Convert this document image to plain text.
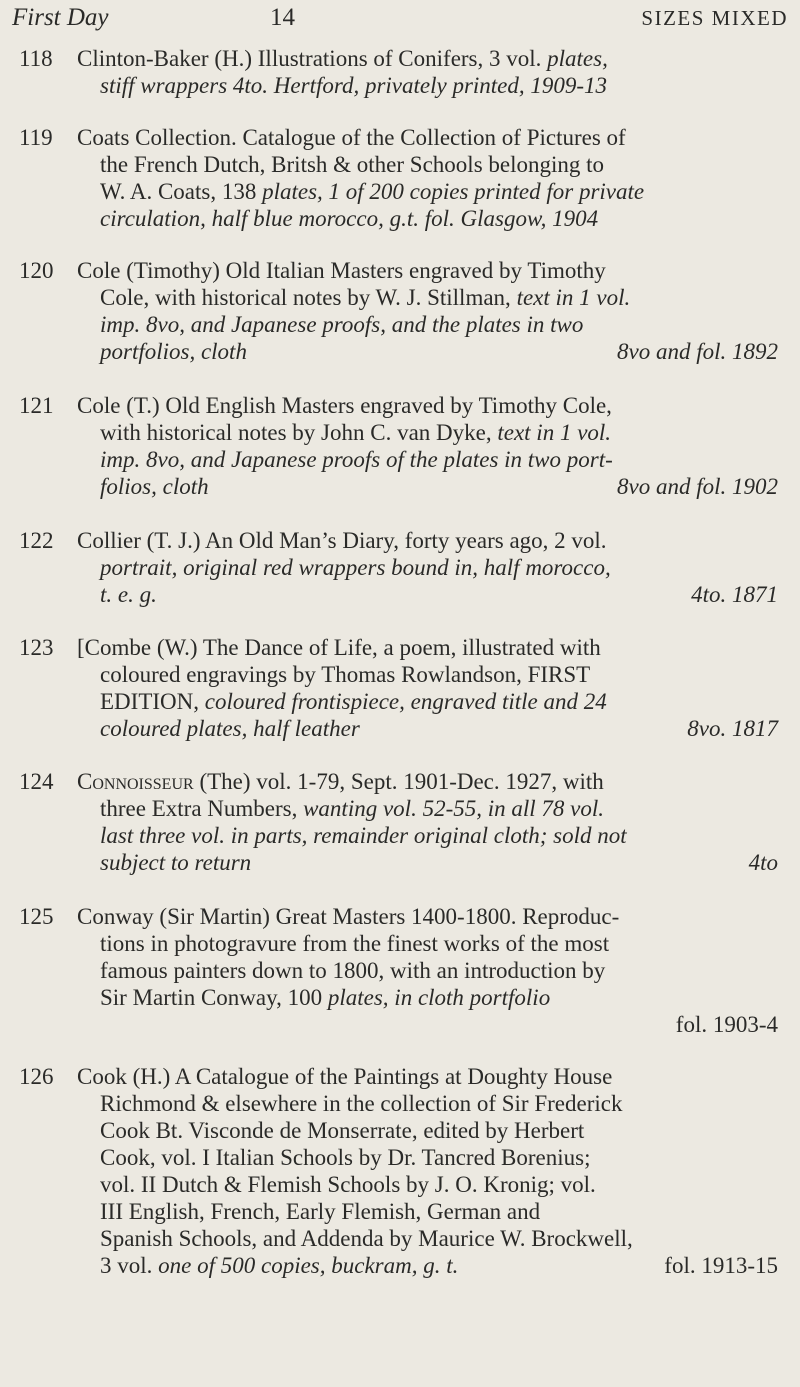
First Day	14	SIZES MIXED
118 Clinton-Baker (H.) Illustrations of Conifers, 3 vol. plates,
stiff wrappers 4to. Hertford, privately printed, 1909-13
119 Coats Collection. Catalogue of the Collection of Pictures of
the French Dutch, Britsh & other Schools belonging to
W. A. Coats, 138 plates, 1 of 200 copies printed for private
circulation, half blue morocco, g.t. fol. Glasgow, 1904
120 Cole (Timothy) Old Italian Masters engraved by Timothy
Cole, with historical notes by W. J. Stillman, text in 1 vol.
imp. 8vo, and Japanese proofs, and the plates in two
portfolios, cloth	8vo and fol. 1892
121 Cole (T.) Old English Masters engraved by Timothy Cole,
with historical notes by John C. van Dyke, text in 1 vol.
imp. 8vo, and Japanese proofs of the plates in two port-
folios, cloth	8vo and fol. 1902
122 Collier (T. J.) An Old Man’s Diary, forty years ago, 2 vol.
portrait, original red wrappers bound in, half morocco,
t. e. g.	4to. 1871
123 [Combe (W.) The Dance of Life, a poem, illustrated with
coloured engravings by Thomas Rowlandson, FIRST
EDITION, coloured frontispiece, engraved title and 24
coloured plates, half leather	8vo. 1817
124 Connoisseur (The) vol. 1-79, Sept. 1901-Dec. 1927, with
three Extra Numbers, wanting vol. 52-55, in all 78 vol.
last three vol. in parts, remainder original cloth; sold not
subject to return	4to
125 Conway (Sir Martin) Great Masters 1400-1800. Reproduc-
tions in photogravure from the finest works of the most
famous painters down to 1800, with an introduction by
Sir Martin Conway, 100 plates, in cloth portfolio
fol. 1903-4
126 Cook (H.) A Catalogue of the Paintings at Doughty House
Richmond & elsewhere in the collection of Sir Frederick
Cook Bt. Visconde de Monserrate, edited by Herbert
Cook, vol. I Italian Schools by Dr. Tancred Borenius;
vol. II Dutch & Flemish Schools by J. O. Kronig; vol.
III English, French, Early Flemish, German and
Spanish Schools, and Addenda by Maurice W. Brockwell,
3 vol. one of 500 copies, buckram, g. t.	fol. 1913-15
